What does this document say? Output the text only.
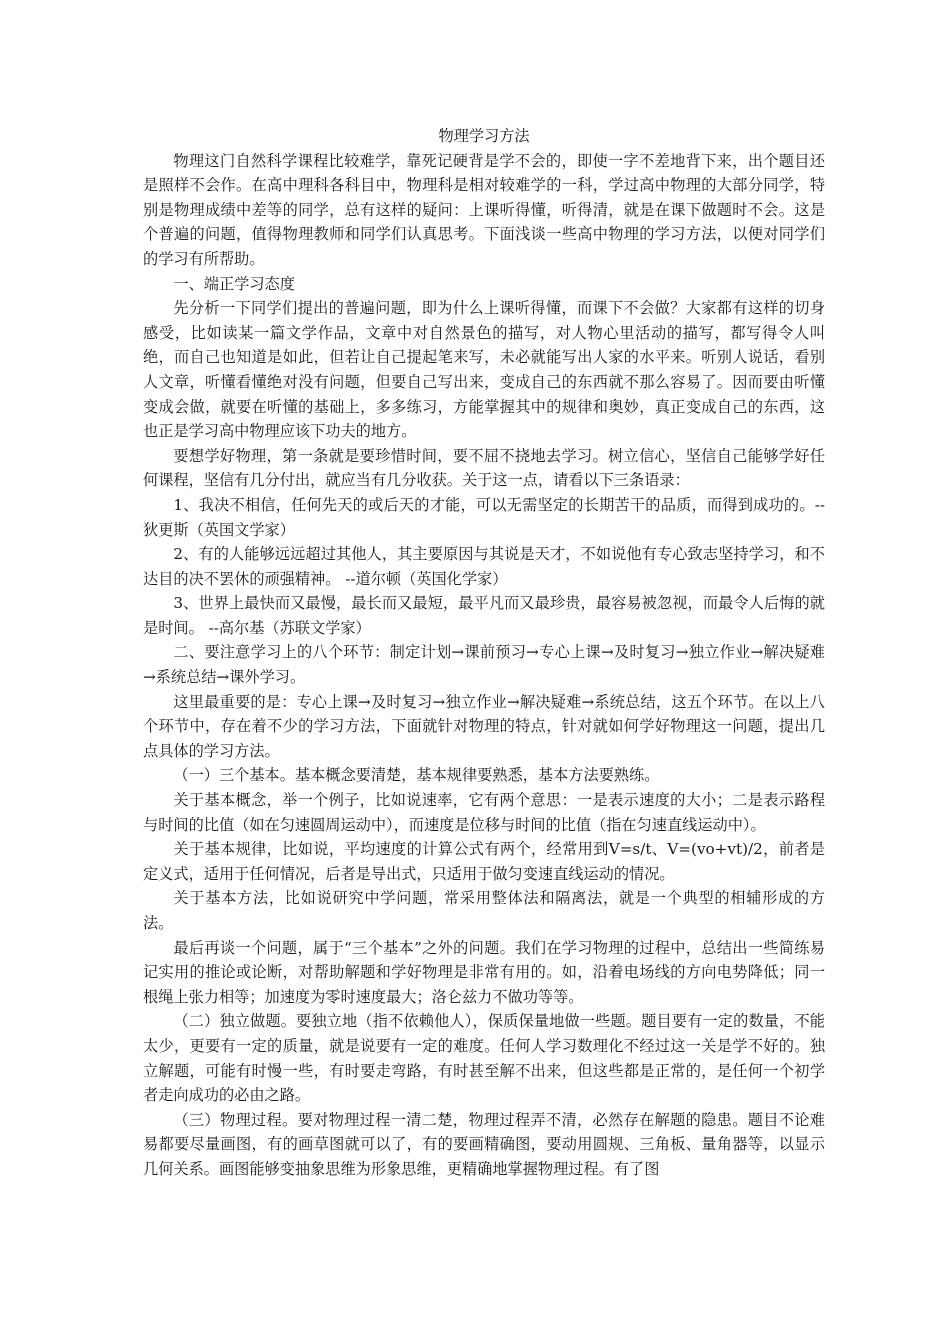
物理学习方法

物理这门自然科学课程比较难学，靠死记硬背是学不会的，即使一字不差地背下来，出个题目还是照样不会作。在高中理科各科目中，物理科是相对较难学的一科，学过高中物理的大部分同学，特别是物理成绩中差等的同学，总有这样的疑问：上课听得懂，听得清，就是在课下做题时不会。这是个普遍的问题，值得物理教师和同学们认真思考。下面浅谈一些高中物理的学习方法，以便对同学们的学习有所帮助。

一、端正学习态度

先分析一下同学们提出的普遍问题，即为什么上课听得懂，而课下不会做？大家都有这样的切身感受，比如读某一篇文学作品，文章中对自然景色的描写，对人物心里活动的描写，都写得令人叫绝，而自己也知道是如此，但若让自己提起笔来写，未必就能写出人家的水平来。听别人说话，看别人文章，听懂看懂绝对没有问题，但要自己写出来，变成自己的东西就不那么容易了。因而要由听懂变成会做，就要在听懂的基础上，多多练习，方能掌握其中的规律和奥妙，真正变成自己的东西，这也正是学习高中物理应该下功夫的地方。

要想学好物理，第一条就是要珍惜时间，要不屈不挠地去学习。树立信心，坚信自己能够学好任何课程，坚信有几分付出，就应当有几分收获。关于这一点，请看以下三条语录：

1、我决不相信，任何先天的或后天的才能，可以无需坚定的长期苦干的品质，而得到成功的。--狄更斯（英国文学家）

2、有的人能够远远超过其他人，其主要原因与其说是天才，不如说他有专心致志坚持学习，和不达目的决不罢休的顽强精神。 --道尔顿（英国化学家）

3、世界上最快而又最慢，最长而又最短，最平凡而又最珍贵，最容易被忽视，而最令人后悔的就是时间。 --高尔基（苏联文学家）

二、要注意学习上的八个环节：制定计划→课前预习→专心上课→及时复习→独立作业→解决疑难→系统总结→课外学习。

这里最重要的是：专心上课→及时复习→独立作业→解决疑难→系统总结，这五个环节。在以上八个环节中，存在着不少的学习方法，下面就针对物理的特点，针对就如何学好物理这一问题，提出几点具体的学习方法。

（一）三个基本。基本概念要清楚，基本规律要熟悉，基本方法要熟练。

关于基本概念，举一个例子，比如说速率，它有两个意思：一是表示速度的大小；二是表示路程与时间的比值（如在匀速圆周运动中），而速度是位移与时间的比值（指在匀速直线运动中）。

关于基本规律，比如说，平均速度的计算公式有两个，经常用到V=s/t、V=(vo+vt)/2，前者是定义式，适用于任何情况，后者是导出式，只适用于做匀变速直线运动的情况。

关于基本方法，比如说研究中学问题，常采用整体法和隔离法，就是一个典型的相辅形成的方法。

最后再谈一个问题，属于“三个基本”之外的问题。我们在学习物理的过程中，总结出一些简练易记实用的推论或论断，对帮助解题和学好物理是非常有用的。如，沿着电场线的方向电势降低；同一根绳上张力相等；加速度为零时速度最大；洛仑兹力不做功等等。

（二）独立做题。要独立地（指不依赖他人），保质保量地做一些题。题目要有一定的数量，不能太少，更要有一定的质量，就是说要有一定的难度。任何人学习数理化不经过这一关是学不好的。独立解题，可能有时慢一些，有时要走弯路，有时甚至解不出来，但这些都是正常的，是任何一个初学者走向成功的必由之路。

（三）物理过程。要对物理过程一清二楚，物理过程弄不清，必然存在解题的隐患。题目不论难易都要尽量画图，有的画草图就可以了，有的要画精确图，要动用圆规、三角板、量角器等，以显示几何关系。画图能够变抽象思维为形象思维，更精确地掌握物理过程。有了图
